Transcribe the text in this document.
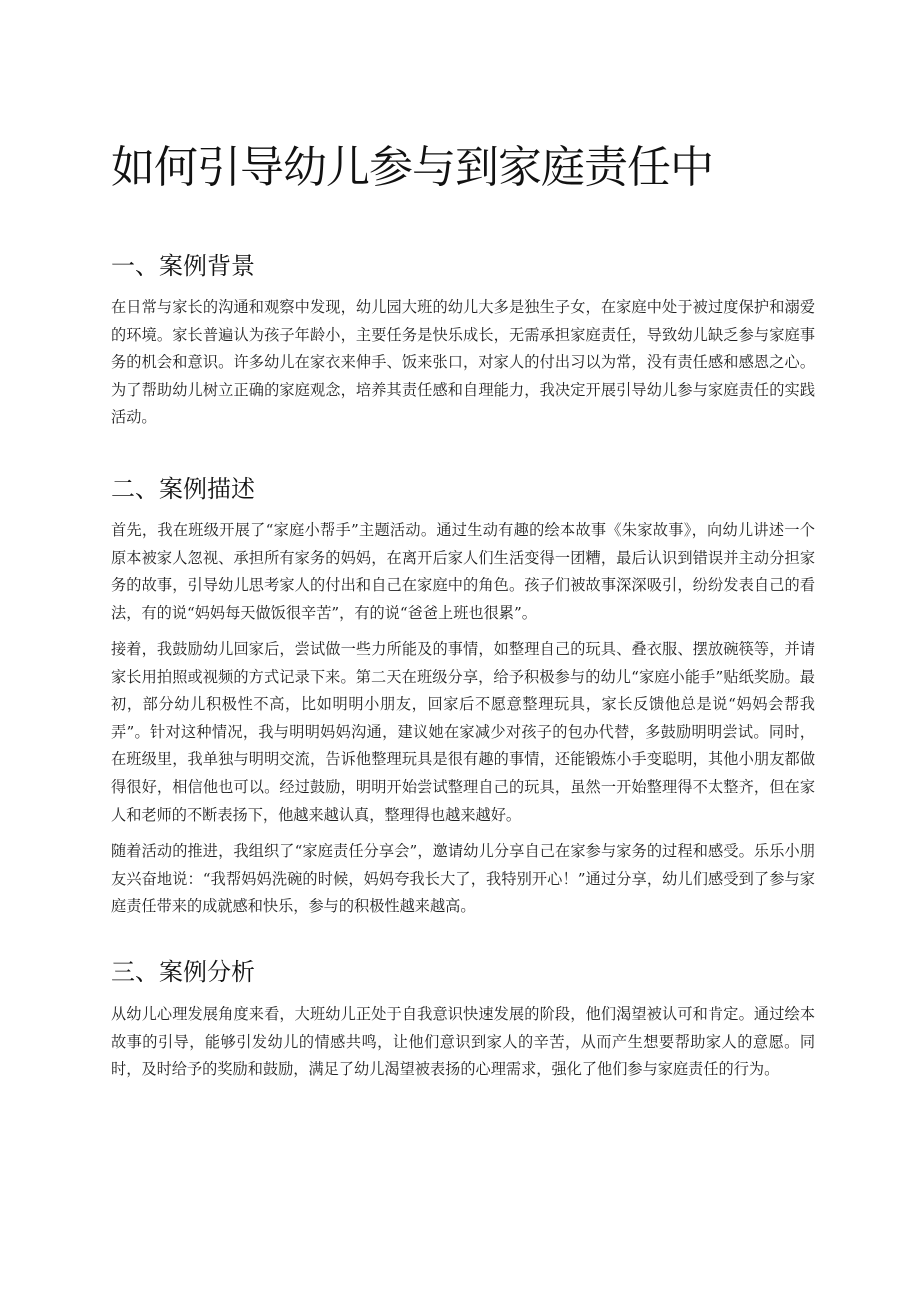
如何引导幼儿参与到家庭责任中
一、案例背景

在日常与家长的沟通和观察中发现，幼儿园大班的幼儿大多是独生子女，在家庭中处于被过度保护和溺爱的环境。家长普遍认为孩子年龄小，主要任务是快乐成长，无需承担家庭责任，导致幼儿缺乏参与家庭事务的机会和意识。许多幼儿在家衣来伸手、饭来张口，对家人的付出习以为常，没有责任感和感恩之心。为了帮助幼儿树立正确的家庭观念，培养其责任感和自理能力，我决定开展引导幼儿参与家庭责任的实践活动。

二、案例描述

首先，我在班级开展了“家庭小帮手”主题活动。通过生动有趣的绘本故事《朱家故事》，向幼儿讲述一个原本被家人忽视、承担所有家务的妈妈，在离开后家人们生活变得一团糟，最后认识到错误并主动分担家务的故事，引导幼儿思考家人的付出和自己在家庭中的角色。孩子们被故事深深吸引，纷纷发表自己的看法，有的说“妈妈每天做饭很辛苦”，有的说“爸爸上班也很累”。

接着，我鼓励幼儿回家后，尝试做一些力所能及的事情，如整理自己的玩具、叠衣服、摆放碗筷等，并请家长用拍照或视频的方式记录下来。第二天在班级分享，给予积极参与的幼儿“家庭小能手”贴纸奖励。最初，部分幼儿积极性不高，比如明明小朋友，回家后不愿意整理玩具，家长反馈他总是说“妈妈会帮我弄”。针对这种情况，我与明明妈妈沟通，建议她在家减少对孩子的包办代替，多鼓励明明尝试。同时，在班级里，我单独与明明交流，告诉他整理玩具是很有趣的事情，还能锻炼小手变聪明，其他小朋友都做得很好，相信他也可以。经过鼓励，明明开始尝试整理自己的玩具，虽然一开始整理得不太整齐，但在家人和老师的不断表扬下，他越来越认真，整理得也越来越好。

随着活动的推进，我组织了“家庭责任分享会”，邀请幼儿分享自己在家参与家务的过程和感受。乐乐小朋友兴奋地说：“我帮妈妈洗碗的时候，妈妈夸我长大了，我特别开心！”通过分享，幼儿们感受到了参与家庭责任带来的成就感和快乐，参与的积极性越来越高。

三、案例分析

从幼儿心理发展角度来看，大班幼儿正处于自我意识快速发展的阶段，他们渴望被认可和肯定。通过绘本故事的引导，能够引发幼儿的情感共鸣，让他们意识到家人的辛苦，从而产生想要帮助家人的意愿。同时，及时给予的奖励和鼓励，满足了幼儿渴望被表扬的心理需求，强化了他们参与家庭责任的行为。
